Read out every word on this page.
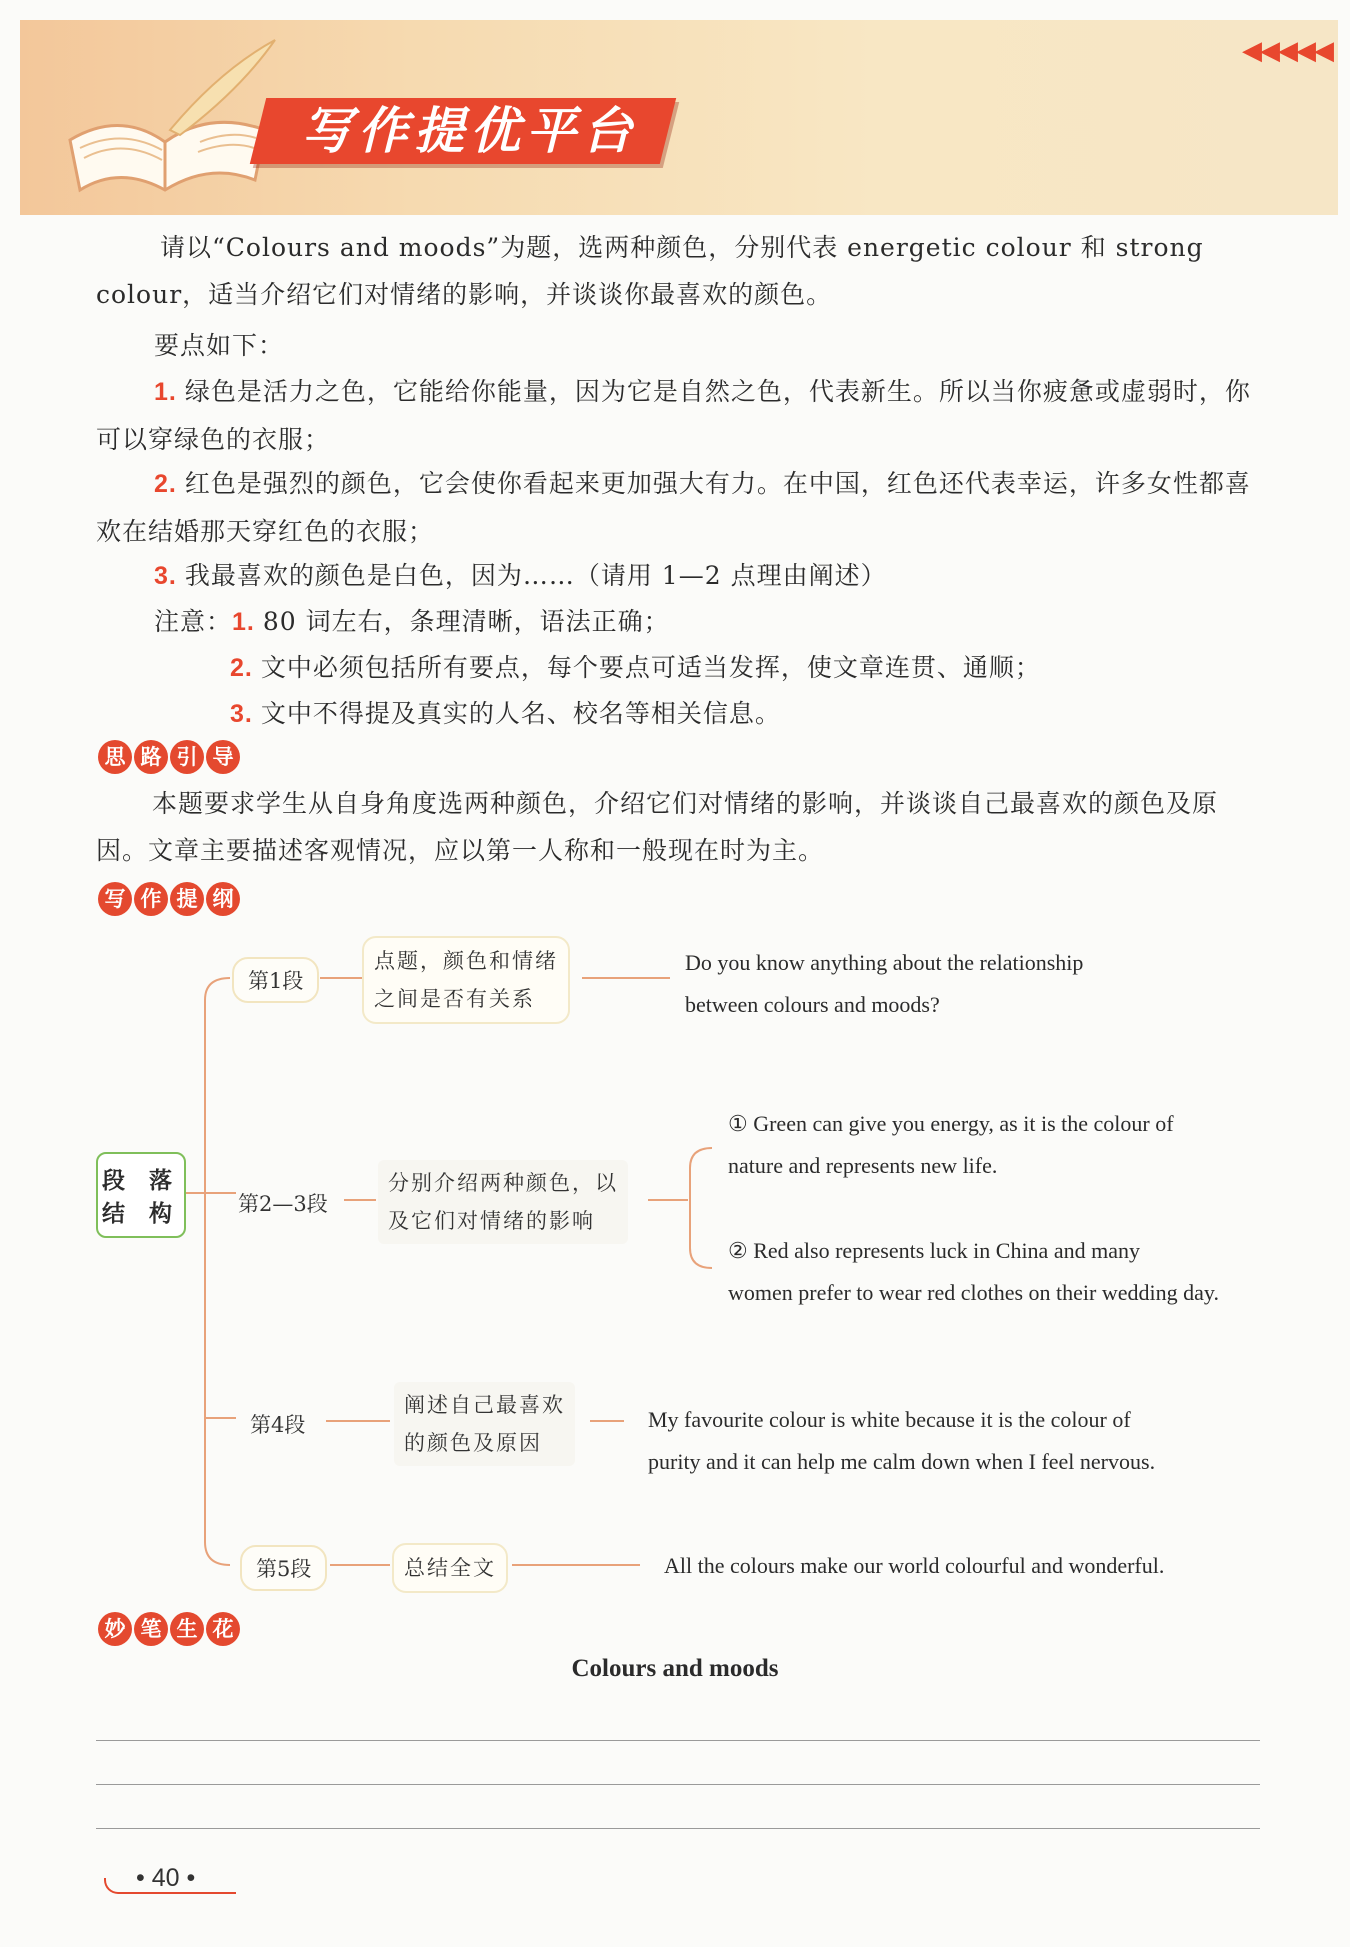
写作提优平台
◀◀◀◀◀
请以“Colours and moods”为题，选两种颜色，分别代表 energetic colour 和 strong colour，适当介绍它们对情绪的影响，并谈谈你最喜欢的颜色。
要点如下：
1. 绿色是活力之色，它能给你能量，因为它是自然之色，代表新生。所以当你疲惫或虚弱时，你可以穿绿色的衣服；
2. 红色是强烈的颜色，它会使你看起来更加强大有力。在中国，红色还代表幸运，许多女性都喜欢在结婚那天穿红色的衣服；
3. 我最喜欢的颜色是白色，因为……（请用 1—2 点理由阐述）
注意：1. 80 词左右，条理清晰，语法正确；
2. 文中必须包括所有要点，每个要点可适当发挥，使文章连贯、通顺；
3. 文中不得提及真实的人名、校名等相关信息。
思 路 引 导
本题要求学生从自身角度选两种颜色，介绍它们对情绪的影响，并谈谈自己最喜欢的颜色及原因。文章主要描述客观情况，应以第一人称和一般现在时为主。
写 作 提 纲
段 落
结 构
第1段
点题，颜色和情绪
之间是否有关系
Do you know anything about the relationship
between colours and moods?
第2—3段
分别介绍两种颜色，以
及它们对情绪的影响
① Green can give you energy, as it is the colour of
nature and represents new life.
② Red also represents luck in China and many
women prefer to wear red clothes on their wedding day.
第4段
阐述自己最喜欢
的颜色及原因
My favourite colour is white because it is the colour of
purity and it can help me calm down when I feel nervous.
第5段	总结全文	All the colours make our world colourful and wonderful.
妙 笔 生 花
Colours and moods
• 40 •
